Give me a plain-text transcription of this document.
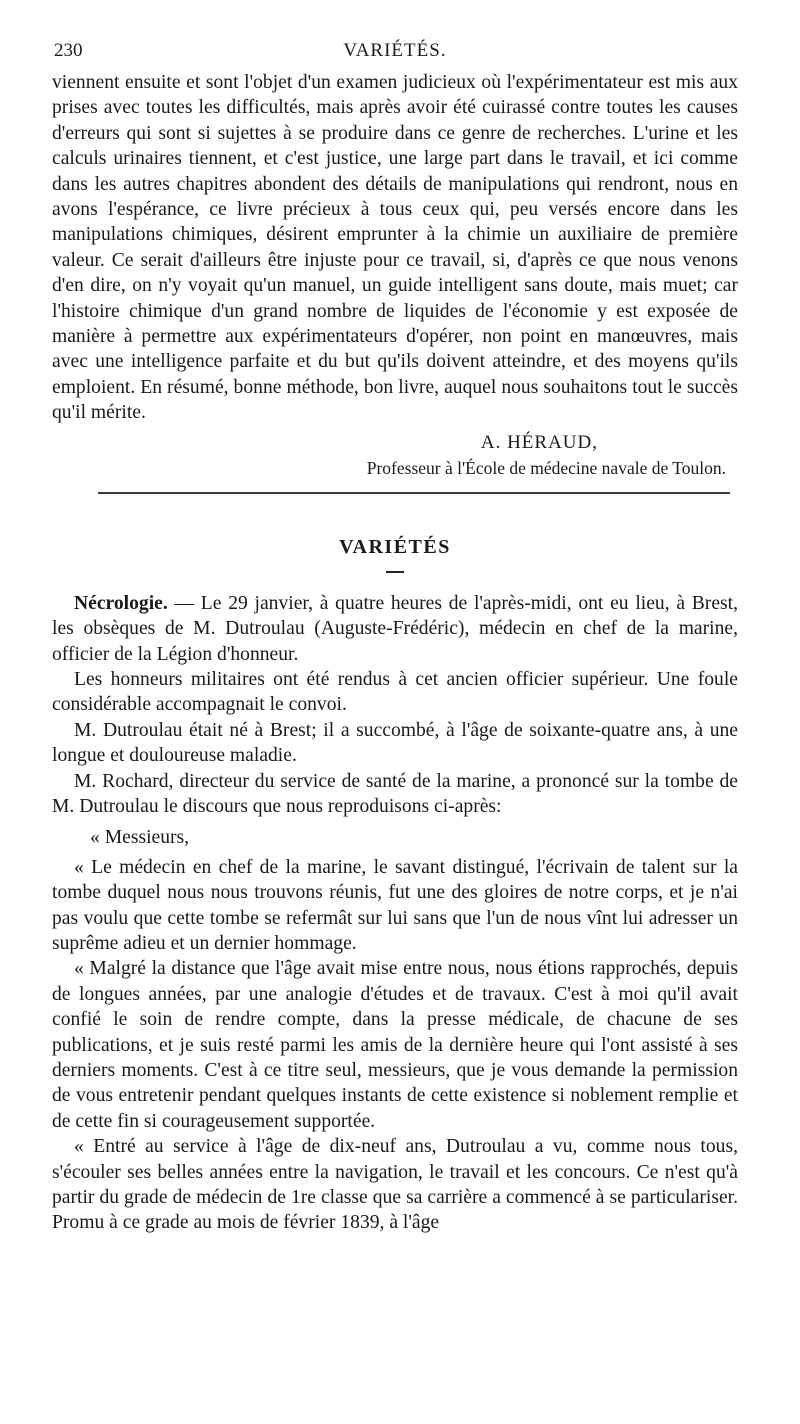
230	VARIÉTÉS.

viennent ensuite et sont l'objet d'un examen judicieux où l'expérimentateur est mis aux prises avec toutes les difficultés, mais après avoir été cuirassé contre toutes les causes d'erreurs qui sont si sujettes à se produire dans ce genre de recherches. L'urine et les calculs urinaires tiennent, et c'est justice, une large part dans le travail, et ici comme dans les autres chapitres abondent des détails de manipulations qui rendront, nous en avons l'espérance, ce livre précieux à tous ceux qui, peu versés encore dans les manipulations chimiques, désirent emprunter à la chimie un auxiliaire de première valeur. Ce serait d'ailleurs être injuste pour ce travail, si, d'après ce que nous venons d'en dire, on n'y voyait qu'un manuel, un guide intelligent sans doute, mais muet; car l'histoire chimique d'un grand nombre de liquides de l'économie y est exposée de manière à permettre aux expérimentateurs d'opérer, non point en manœuvres, mais avec une intelligence parfaite et du but qu'ils doivent atteindre, et des moyens qu'ils emploient. En résumé, bonne méthode, bon livre, auquel nous souhaitons tout le succès qu'il mérite.

A. HÉRAUD,
Professeur à l'École de médecine navale de Toulon.
VARIÉTÉS

Nécrologie. — Le 29 janvier, à quatre heures de l'après-midi, ont eu lieu, à Brest, les obsèques de M. Dutroulau (Auguste-Frédéric), médecin en chef de la marine, officier de la Légion d'honneur.

Les honneurs militaires ont été rendus à cet ancien officier supérieur. Une foule considérable accompagnait le convoi.

M. Dutroulau était né à Brest; il a succombé, à l'âge de soixante-quatre ans, à une longue et douloureuse maladie.

M. Rochard, directeur du service de santé de la marine, a prononcé sur la tombe de M. Dutroulau le discours que nous reproduisons ci-après:

« Messieurs,

« Le médecin en chef de la marine, le savant distingué, l'écrivain de talent sur la tombe duquel nous nous trouvons réunis, fut une des gloires de notre corps, et je n'ai pas voulu que cette tombe se refermât sur lui sans que l'un de nous vînt lui adresser un suprême adieu et un dernier hommage.

« Malgré la distance que l'âge avait mise entre nous, nous étions rapprochés, depuis de longues années, par une analogie d'études et de travaux. C'est à moi qu'il avait confié le soin de rendre compte, dans la presse médicale, de chacune de ses publications, et je suis resté parmi les amis de la dernière heure qui l'ont assisté à ses derniers moments. C'est à ce titre seul, messieurs, que je vous demande la permission de vous entretenir pendant quelques instants de cette existence si noblement remplie et de cette fin si courageusement supportée.

« Entré au service à l'âge de dix-neuf ans, Dutroulau a vu, comme nous tous, s'écouler ses belles années entre la navigation, le travail et les concours. Ce n'est qu'à partir du grade de médecin de 1re classe que sa carrière a commencé à se particulariser. Promu à ce grade au mois de février 1839, à l'âge
